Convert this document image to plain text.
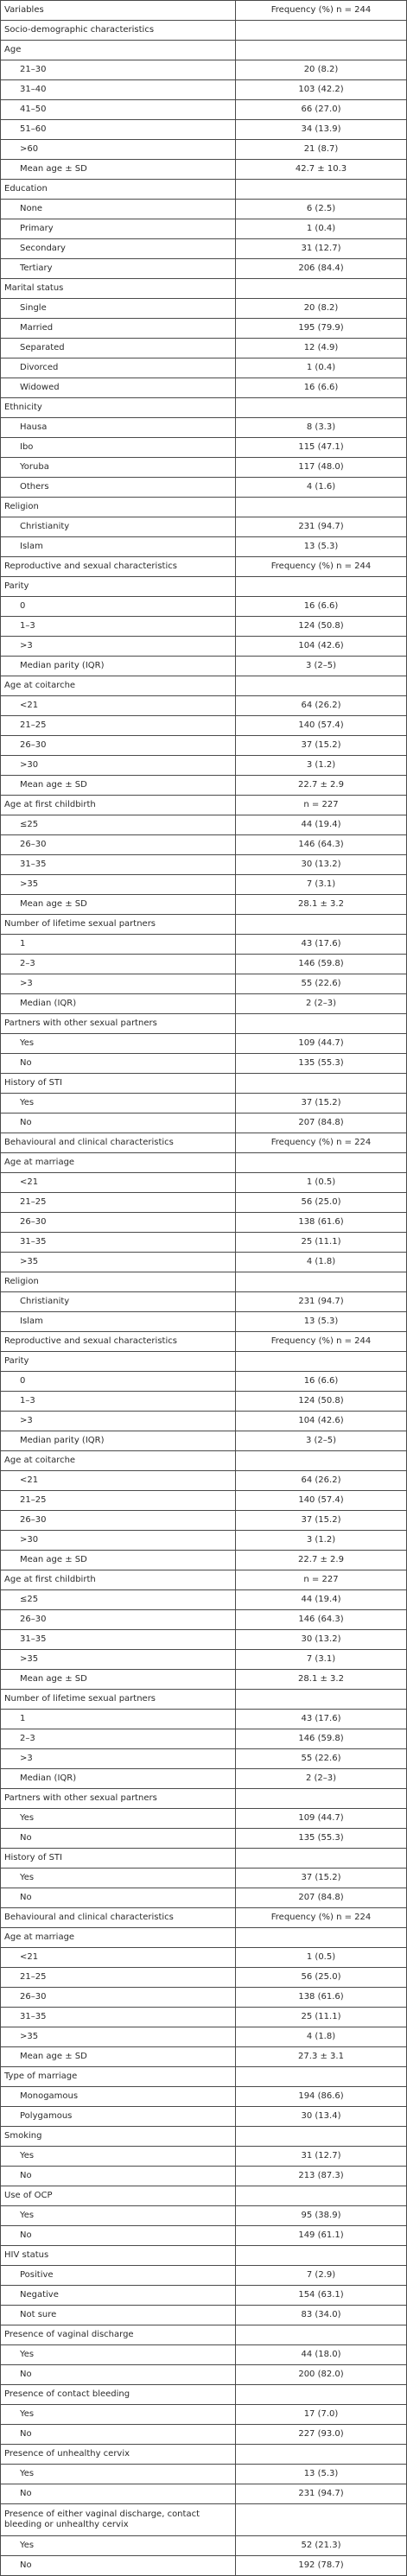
Variables	Frequency (%) n = 244
Socio-demographic characteristics	
Age	
21–30	20 (8.2)
31–40	103 (42.2)
41–50	66 (27.0)
51–60	34 (13.9)
>60	21 (8.7)
Mean age ± SD	42.7 ± 10.3
Education	
None	6 (2.5)
Primary	1 (0.4)
Secondary	31 (12.7)
Tertiary	206 (84.4)
Marital status	
Single	20 (8.2)
Married	195 (79.9)
Separated	12 (4.9)
Divorced	1 (0.4)
Widowed	16 (6.6)
Ethnicity	
Hausa	8 (3.3)
Ibo	115 (47.1)
Yoruba	117 (48.0)
Others	4 (1.6)
Religion	
Christianity	231 (94.7)
Islam	13 (5.3)
Reproductive and sexual characteristics	Frequency (%) n = 244
Parity	
0	16 (6.6)
1–3	124 (50.8)
>3	104 (42.6)
Median parity (IQR)	3 (2–5)
Age at coitarche	
<21	64 (26.2)
21–25	140 (57.4)
26–30	37 (15.2)
>30	3 (1.2)
Mean age ± SD	22.7 ± 2.9
Age at first childbirth	n = 227
≤25	44 (19.4)
26–30	146 (64.3)
31–35	30 (13.2)
>35	7 (3.1)
Mean age ± SD	28.1 ± 3.2
Number of lifetime sexual partners	
1	43 (17.6)
2–3	146 (59.8)
>3	55 (22.6)
Median (IQR)	2 (2–3)
Partners with other sexual partners	
Yes	109 (44.7)
No	135 (55.3)
History of STI	
Yes	37 (15.2)
No	207 (84.8)
Behavioural and clinical characteristics	Frequency (%) n = 224
Age at marriage	
<21	1 (0.5)
21–25	56 (25.0)
26–30	138 (61.6)
31–35	25 (11.1)
>35	4 (1.8)
Religion	
Christianity	231 (94.7)
Islam	13 (5.3)
Reproductive and sexual characteristics	Frequency (%) n = 244
Parity	
0	16 (6.6)
1–3	124 (50.8)
>3	104 (42.6)
Median parity (IQR)	3 (2–5)
Age at coitarche	
<21	64 (26.2)
21–25	140 (57.4)
26–30	37 (15.2)
>30	3 (1.2)
Mean age ± SD	22.7 ± 2.9
Age at first childbirth	n = 227
≤25	44 (19.4)
26–30	146 (64.3)
31–35	30 (13.2)
>35	7 (3.1)
Mean age ± SD	28.1 ± 3.2
Number of lifetime sexual partners	
1	43 (17.6)
2–3	146 (59.8)
>3	55 (22.6)
Median (IQR)	2 (2–3)
Partners with other sexual partners	
Yes	109 (44.7)
No	135 (55.3)
History of STI	
Yes	37 (15.2)
No	207 (84.8)
Behavioural and clinical characteristics	Frequency (%) n = 224
Age at marriage	
<21	1 (0.5)
21–25	56 (25.0)
26–30	138 (61.6)
31–35	25 (11.1)
>35	4 (1.8)
Mean age ± SD	27.3 ± 3.1
Type of marriage	
Monogamous	194 (86.6)
Polygamous	30 (13.4)
Smoking	
Yes	31 (12.7)
No	213 (87.3)
Use of OCP	
Yes	95 (38.9)
No	149 (61.1)
HIV status	
Positive	7 (2.9)
Negative	154 (63.1)
Not sure	83 (34.0)
Presence of vaginal discharge	
Yes	44 (18.0)
No	200 (82.0)
Presence of contact bleeding	
Yes	17 (7.0)
No	227 (93.0)
Presence of unhealthy cervix	
Yes	13 (5.3)
No	231 (94.7)
Presence of either vaginal discharge, contact bleeding or unhealthy cervix	
Yes	52 (21.3)
No	192 (78.7)
